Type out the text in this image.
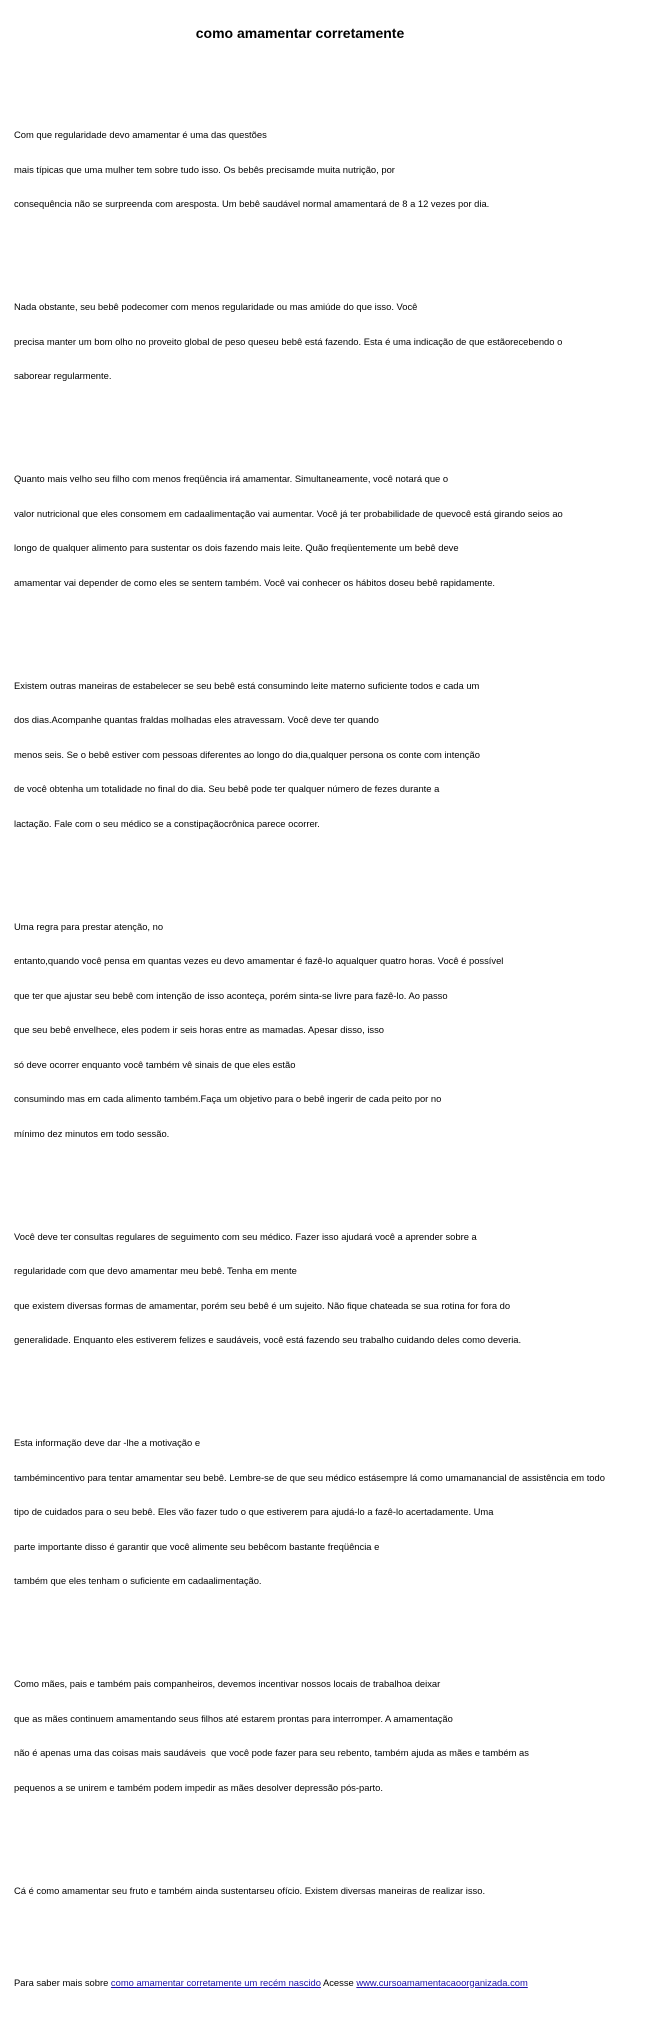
como amamentar corretamente

Com que regularidade devo amamentar é uma das questões

mais típicas que uma mulher tem sobre tudo isso. Os bebês precisamde muita nutrição, por

consequência não se surpreenda com aresposta. Um bebê saudável normal amamentará de 8 a 12 vezes por dia.

Nada obstante, seu bebê podecomer com menos regularidade ou mas amiúde do que isso. Você

precisa manter um bom olho no proveito global de peso queseu bebê está fazendo. Esta é uma indicação de que estãorecebendo o

saborear regularmente.

Quanto mais velho seu filho com menos freqüência irá amamentar. Simultaneamente, você notará que o

valor nutricional que eles consomem em cadaalimentação vai aumentar. Você já ter probabilidade de quevocê está girando seios ao

longo de qualquer alimento para sustentar os dois fazendo mais leite. Quão freqüentemente um bebê deve

amamentar vai depender de como eles se sentem também. Você vai conhecer os hábitos doseu bebê rapidamente.

Existem outras maneiras de estabelecer se seu bebê está consumindo leite materno suficiente todos e cada um

dos dias.Acompanhe quantas fraldas molhadas eles atravessam. Você deve ter quando

menos seis. Se o bebê estiver com pessoas diferentes ao longo do dia,qualquer persona os conte com intenção

de você obtenha um totalidade no final do dia. Seu bebê pode ter qualquer número de fezes durante a

lactação. Fale com o seu médico se a constipaçãocrônica parece ocorrer.

Uma regra para prestar atenção, no

entanto,quando você pensa em quantas vezes eu devo amamentar é fazê-lo aqualquer quatro horas. Você é possível

que ter que ajustar seu bebê com intenção de isso aconteça, porém sinta-se livre para fazê-lo. Ao passo

que seu bebê envelhece, eles podem ir seis horas entre as mamadas. Apesar disso, isso

só deve ocorrer enquanto você também vê sinais de que eles estão

consumindo mas em cada alimento também.Faça um objetivo para o bebê ingerir de cada peito por no

mínimo dez minutos em todo sessão.

Você deve ter consultas regulares de seguimento com seu médico. Fazer isso ajudará você a aprender sobre a

regularidade com que devo amamentar meu bebê. Tenha em mente

que existem diversas formas de amamentar, porém seu bebê é um sujeito. Não fique chateada se sua rotina for fora do

generalidade. Enquanto eles estiverem felizes e saudáveis, você está fazendo seu trabalho cuidando deles como deveria.

Esta informação deve dar -lhe a motivação e

tambémincentivo para tentar amamentar seu bebê. Lembre-se de que seu médico estásempre lá como umamanancial de assistência em todo

tipo de cuidados para o seu bebê. Eles vão fazer tudo o que estiverem para ajudá-lo a fazê-lo acertadamente. Uma

parte importante disso é garantir que você alimente seu bebêcom bastante freqüência e

também que eles tenham o suficiente em cadaalimentação.

Como mães, pais e também pais companheiros, devemos incentivar nossos locais de trabalhoa deixar

que as mães continuem amamentando seus filhos até estarem prontas para interromper. A amamentação

não é apenas uma das coisas mais saudáveis  que você pode fazer para seu rebento, também ajuda as mães e também as

pequenos a se unirem e também podem impedir as mães desolver depressão pós-parto.

Cá é como amamentar seu fruto e também ainda sustentarseu ofício. Existem diversas maneiras de realizar isso.

Para saber mais sobre como amamentar corretamente um recém nascido Acesse www.cursoamamentacaoorganizada.com
